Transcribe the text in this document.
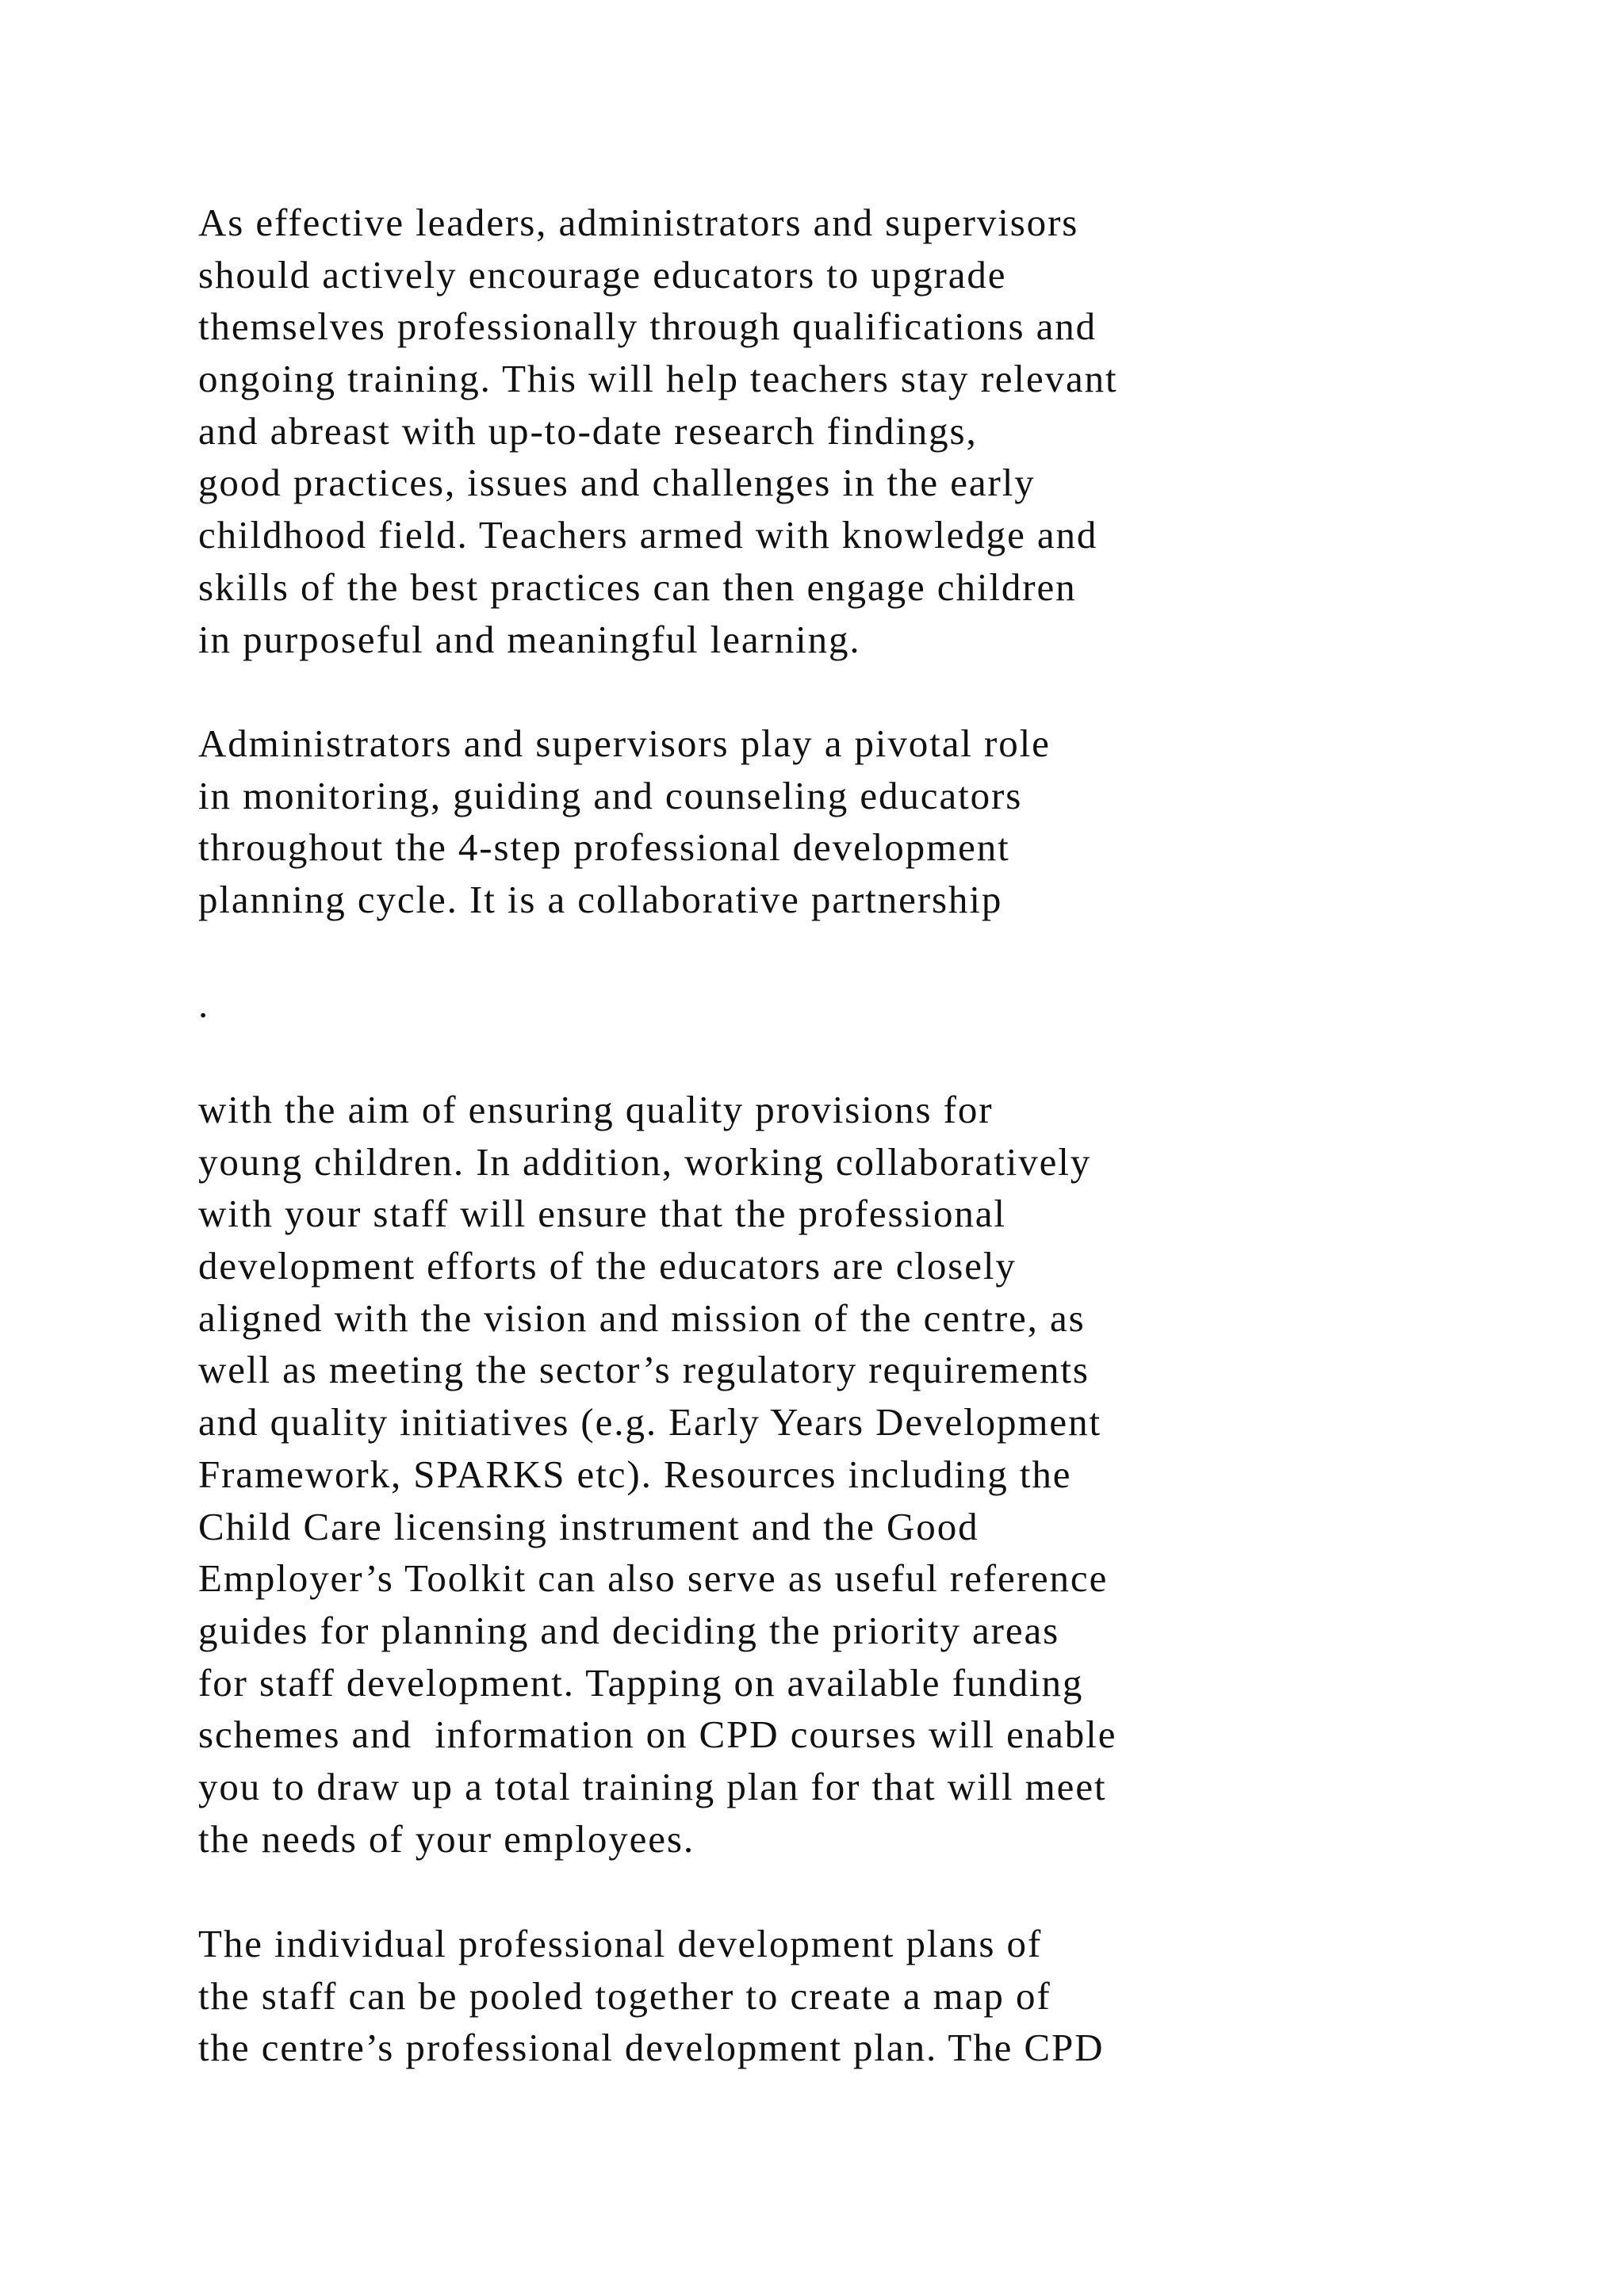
As effective leaders, administrators and supervisors
should actively encourage educators to upgrade
themselves professionally through qualifications and
ongoing training. This will help teachers stay relevant
and abreast with up-to-date research findings,
good practices, issues and challenges in the early
childhood field. Teachers armed with knowledge and
skills of the best practices can then engage children
in purposeful and meaningful learning.
Administrators and supervisors play a pivotal role
in monitoring, guiding and counseling educators
throughout the 4-step professional development
planning cycle. It is a collaborative partnership
.
with the aim of ensuring quality provisions for
young children. In addition, working collaboratively
with your staff will ensure that the professional
development efforts of the educators are closely
aligned with the vision and mission of the centre, as
well as meeting the sector’s regulatory requirements
and quality initiatives (e.g. Early Years Development
Framework, SPARKS etc). Resources including the
Child Care licensing instrument and the Good
Employer’s Toolkit can also serve as useful reference
guides for planning and deciding the priority areas
for staff development. Tapping on available funding
schemes and  information on CPD courses will enable
you to draw up a total training plan for that will meet
the needs of your employees.
The individual professional development plans of
the staff can be pooled together to create a map of
the centre’s professional development plan. The CPD
